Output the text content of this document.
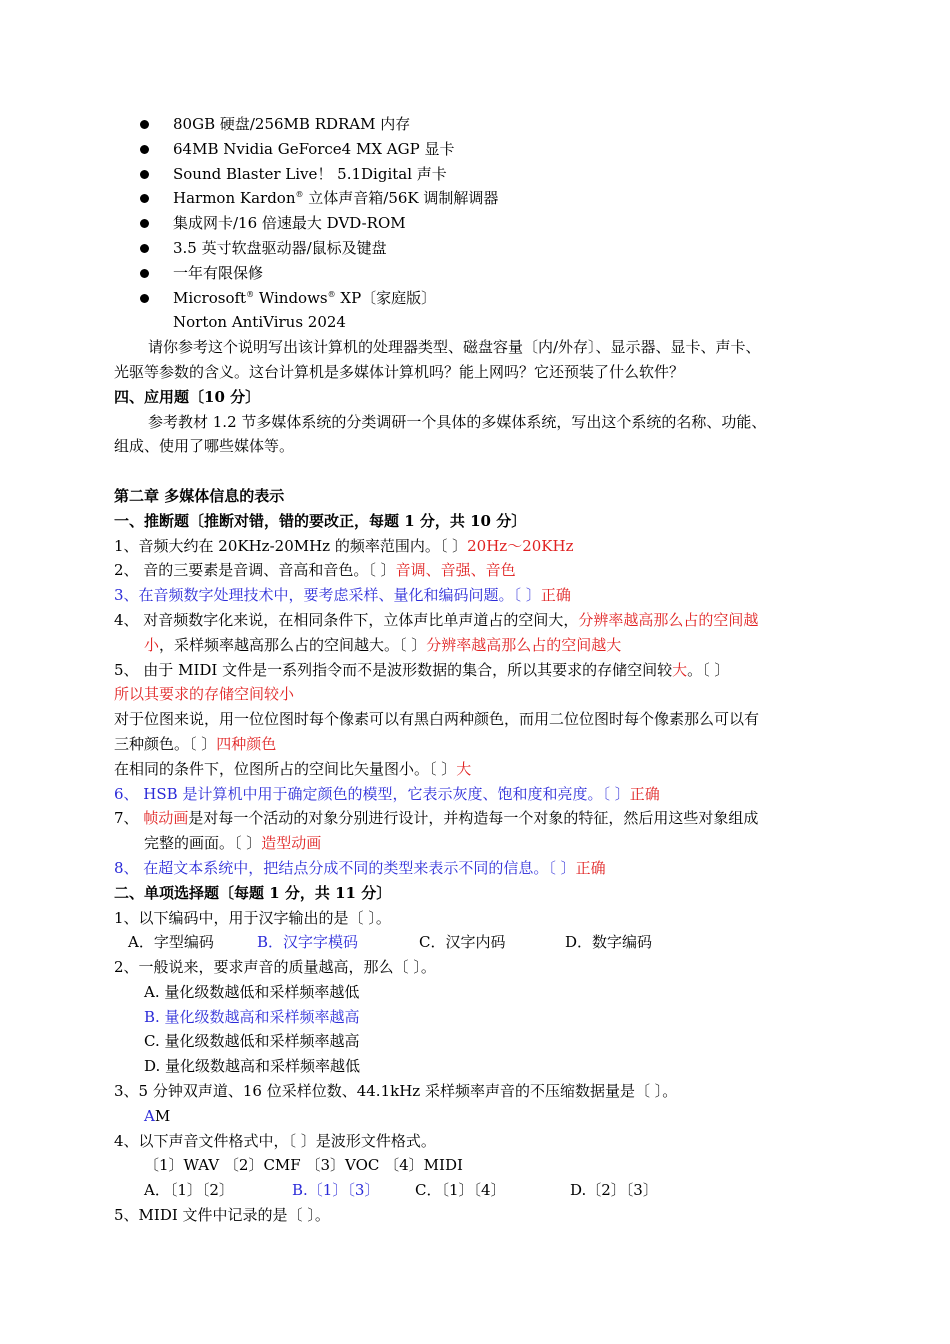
80GB 硬盘/256MB RDRAM 内存
64MB Nvidia GeForce4 MX AGP 显卡
Sound Blaster Live！ 5.1Digital 声卡
Harmon Kardon® 立体声音箱/56K 调制解调器
集成网卡/16 倍速最大 DVD-ROM
3.5 英寸软盘驱动器/鼠标及键盘
一年有限保修
Microsoft® Windows® XP〔家庭版〕
Norton AntiVirus 2024
请你参考这个说明写出该计算机的处理器类型、磁盘容量〔内/外存〕、显示器、显卡、声卡、
光驱等参数的含义。这台计算机是多媒体计算机吗？能上网吗？它还预装了什么软件？
四、应用题〔10 分〕
参考教材 1.2 节多媒体系统的分类调研一个具体的多媒体系统，写出这个系统的名称、功能、
组成、使用了哪些媒体等。
第二章 多媒体信息的表示
一、推断题〔推断对错，错的要改正，每题 1 分，共 10 分〕
1、音频大约在 20KHz-20MHz 的频率范围内。〔 〕20Hz～20KHz
2、 音的三要素是音调、音高和音色。〔 〕音调、音强、音色
3、在音频数字处理技术中，要考虑采样、量化和编码问题。〔 〕正确
4、 对音频数字化来说，在相同条件下，立体声比单声道占的空间大，分辨率越高那么占的空间越
小，采样频率越高那么占的空间越大。〔 〕分辨率越高那么占的空间越大
5、 由于 MIDI 文件是一系列指令而不是波形数据的集合，所以其要求的存储空间较大。〔 〕
所以其要求的存储空间较小
对于位图来说，用一位位图时每个像素可以有黑白两种颜色，而用二位位图时每个像素那么可以有
三种颜色。〔 〕四种颜色
在相同的条件下，位图所占的空间比矢量图小。〔 〕大
6、 HSB 是计算机中用于确定颜色的模型，它表示灰度、饱和度和亮度。〔 〕正确
7、 帧动画是对每一个活动的对象分别进行设计，并构造每一个对象的特征，然后用这些对象组成
完整的画面。〔 〕造型动画
8、 在超文本系统中，把结点分成不同的类型来表示不同的信息。〔 〕正确
二、单项选择题〔每题 1 分，共 11 分〕
1、以下编码中，用于汉字输出的是〔 〕。
A．字型编码	B．汉字字模码	C．汉字内码	D．数字编码
2、一般说来，要求声音的质量越高，那么〔 〕。
A. 量化级数越低和采样频率越低
B. 量化级数越高和采样频率越高
C. 量化级数越低和采样频率越高
D. 量化级数越高和采样频率越低
3、5 分钟双声道、16 位采样位数、44.1kHz 采样频率声音的不压缩数据量是〔 〕。
AM
4、以下声音文件格式中，〔 〕是波形文件格式。
〔1〕WAV 〔2〕CMF 〔3〕VOC 〔4〕MIDI
A．〔1〕〔2〕	B.〔1〕〔3〕 C．〔1〕〔4〕	D.〔2〕〔3〕
5、MIDI 文件中记录的是〔 〕。
